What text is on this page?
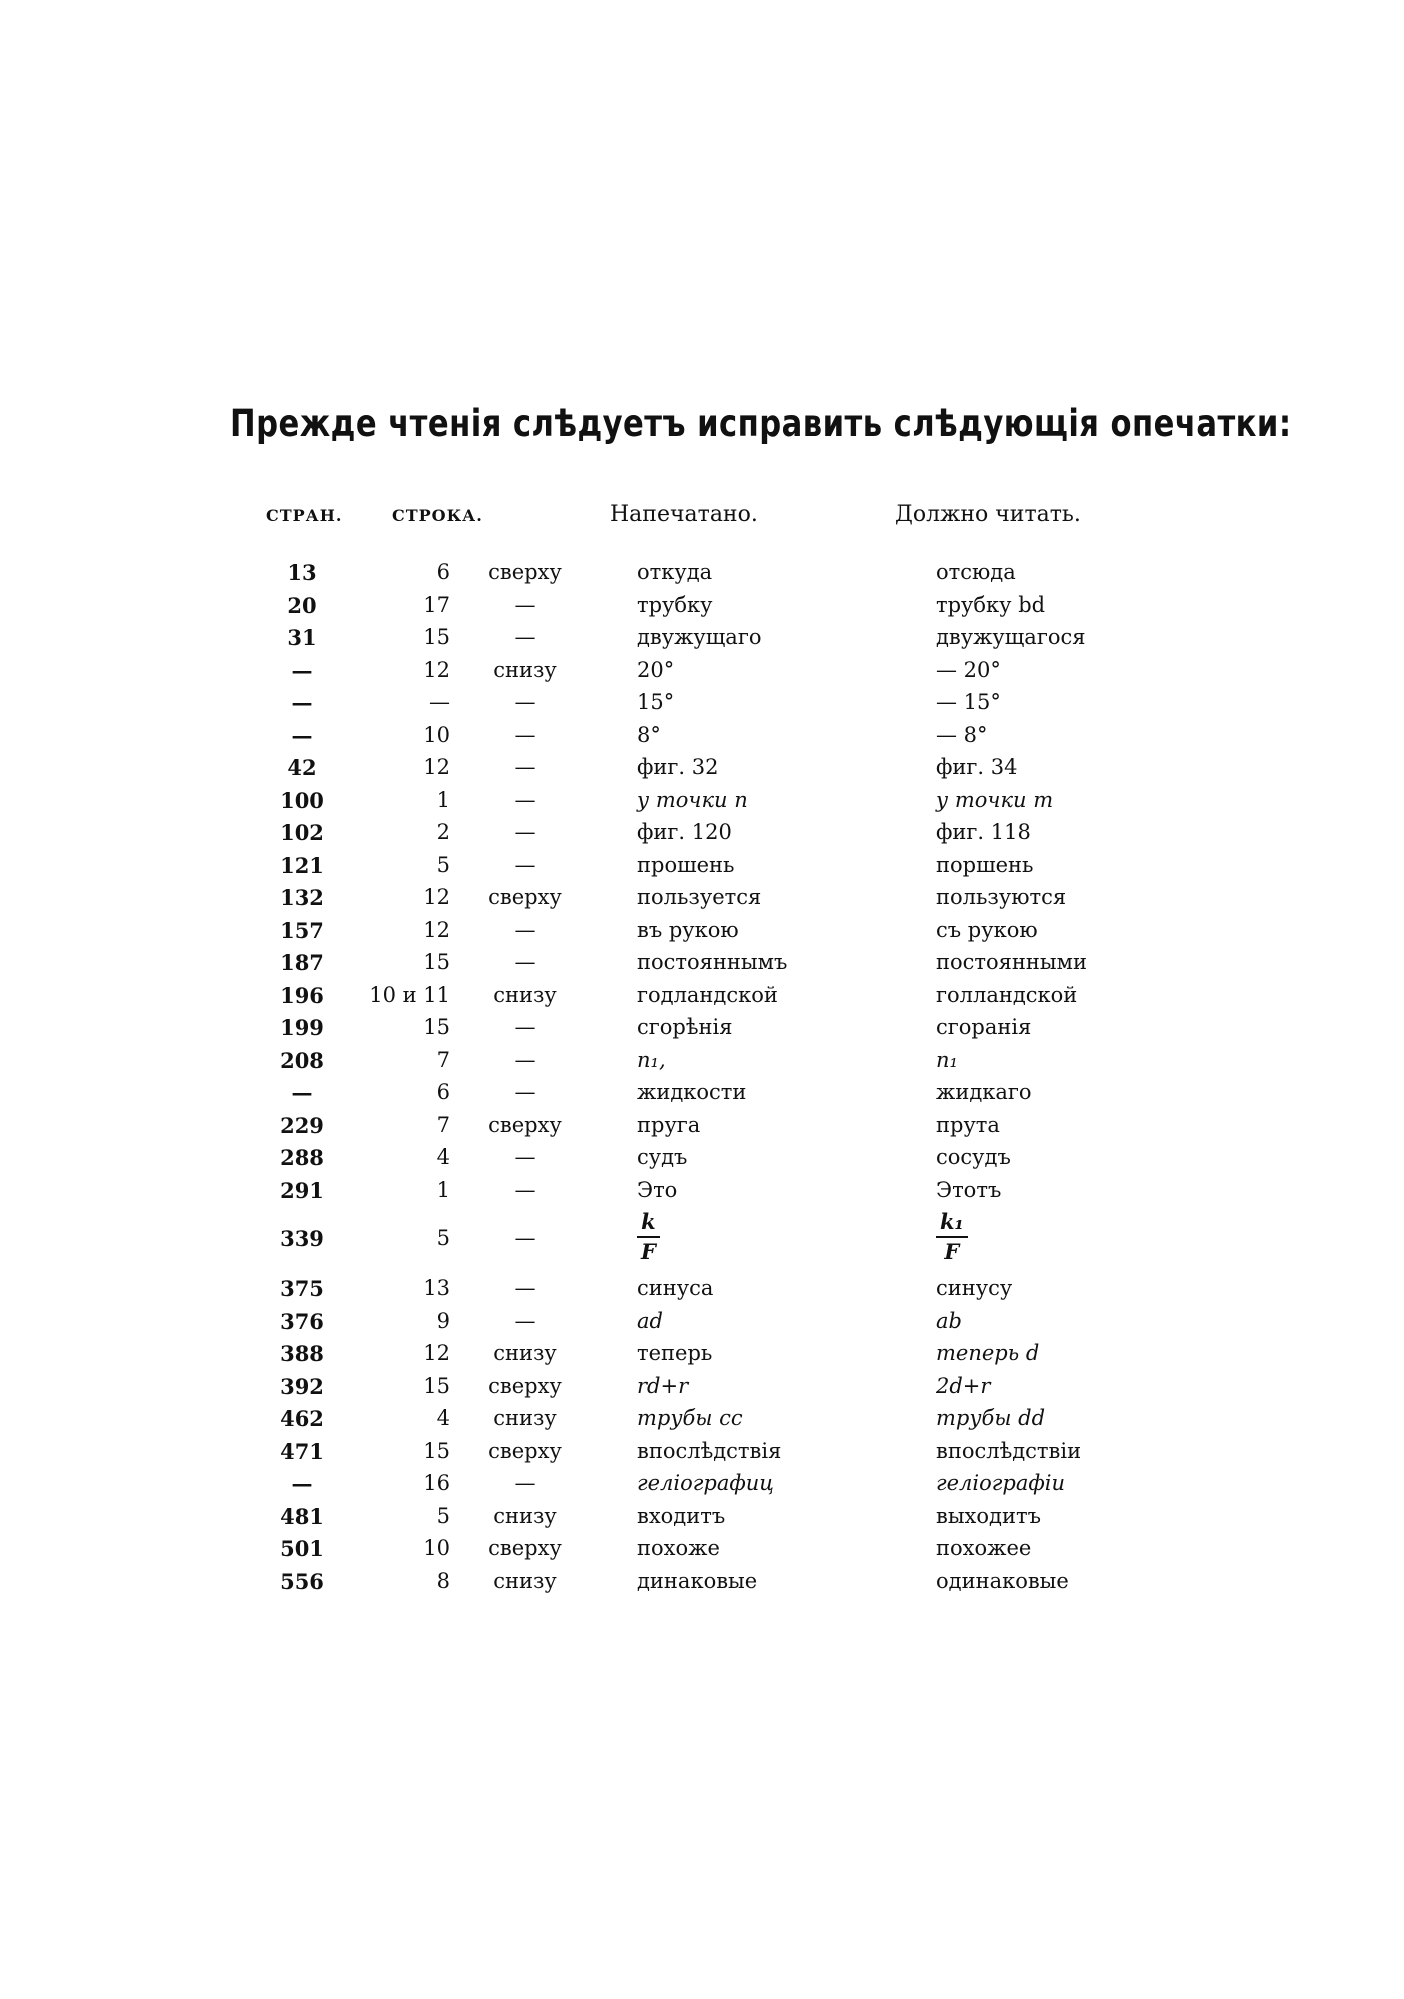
Прежде чтенія слѣдуетъ исправить слѣдующія опечатки:
СТРАН.	СТРОКА.	Напечатано.	Должно читать.
13	6	сверху	откуда	отсюда
20	17	—	трубку	трубку bd
31	15	—	двужущаго	двужущагося
—	12	снизу	20°	— 20°
—	—	—	15°	— 15°
—	10	—	8°	— 8°
42	12	—	фиг. 32	фиг. 34
100	1	—	у точки n	у точки m
102	2	—	фиг. 120	фиг. 118
121	5	—	прошень	поршень
132	12	сверху	пользуется	пользуются
157	12	—	въ рукою	съ рукою
187	15	—	постояннымъ	постоянными
196	10 и 11	снизу	годландской	голландской
199	15	—	сгорѣнія	сгоранія
208	7	—	n₁,	n₁
—	6	—	жидкости	жидкаго
229	7	сверху	пруга	прута
288	4	—	судъ	сосудъ
291	1	—	Это	Этотъ
339	5	—	$\frac{k}{F}$	$\frac{\text{k₁}}{F}$
375	13	—	синуса	синусу
376	9	—	ad	ab
388	12	снизу	теперь	теперь d
392	15	сверху	rd+r	2d+r
462	4	снизу	трубы cc	трубы dd
471	15	сверху	впослѣдствія	впослѣдствіи
—	16	—	геліографиц	геліографіи
481	5	снизу	входитъ	выходитъ
501	10	сверху	похоже	похожее
556	8	снизу	динаковые	одинаковые
